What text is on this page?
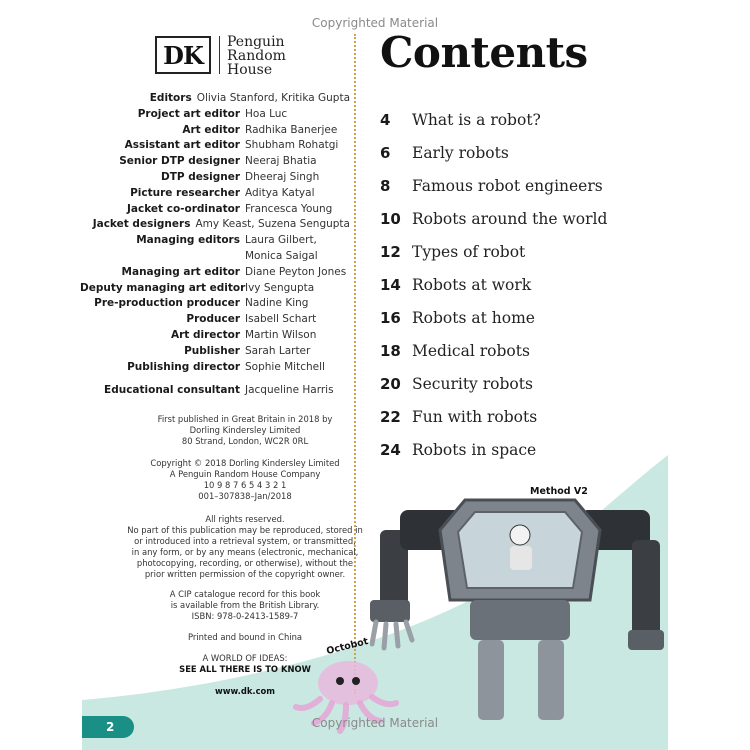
Copyrighted Material
DK	Penguin
Random
House
Editors Olivia Stanford, Kritika Gupta
Project art editor Hoa Luc
Art editor Radhika Banerjee
Assistant art editor Shubham Rohatgi
Senior DTP designer Neeraj Bhatia
DTP designer Dheeraj Singh
Picture researcher Aditya Katyal
Jacket co-ordinator Francesca Young
Jacket designers Amy Keast, Suzena Sengupta
Managing editors Laura Gilbert,
Monica Saigal
Managing art editor Diane Peyton Jones
Deputy managing art editor Ivy Sengupta
Pre-production producer Nadine King
Producer Isabell Schart
Art director Martin Wilson
Publisher Sarah Larter
Publishing director Sophie Mitchell
Educational consultant Jacqueline Harris
First published in Great Britain in 2018 by
Dorling Kindersley Limited
80 Strand, London, WC2R 0RL
Copyright © 2018 Dorling Kindersley Limited
A Penguin Random House Company
10 9 8 7 6 5 4 3 2 1
001–307838–Jan/2018
All rights reserved.
No part of this publication may be reproduced, stored in
or introduced into a retrieval system, or transmitted,
in any form, or by any means (electronic, mechanical,
photocopying, recording, or otherwise), without the
prior written permission of the copyright owner.
A CIP catalogue record for this book
is available from the British Library.
ISBN: 978-0-2413-1589-7
Printed and bound in China
A WORLD OF IDEAS:
SEE ALL THERE IS TO KNOW
www.dk.com
Contents
4	What is a robot?
6	Early robots
8	Famous robot engineers
10 Robots around the world
12 Types of robot
14 Robots at work
16 Robots at home
18 Medical robots
20 Security robots
22 Fun with robots
24 Robots in space
Method V2
Octobot
2	Copyrighted Material
